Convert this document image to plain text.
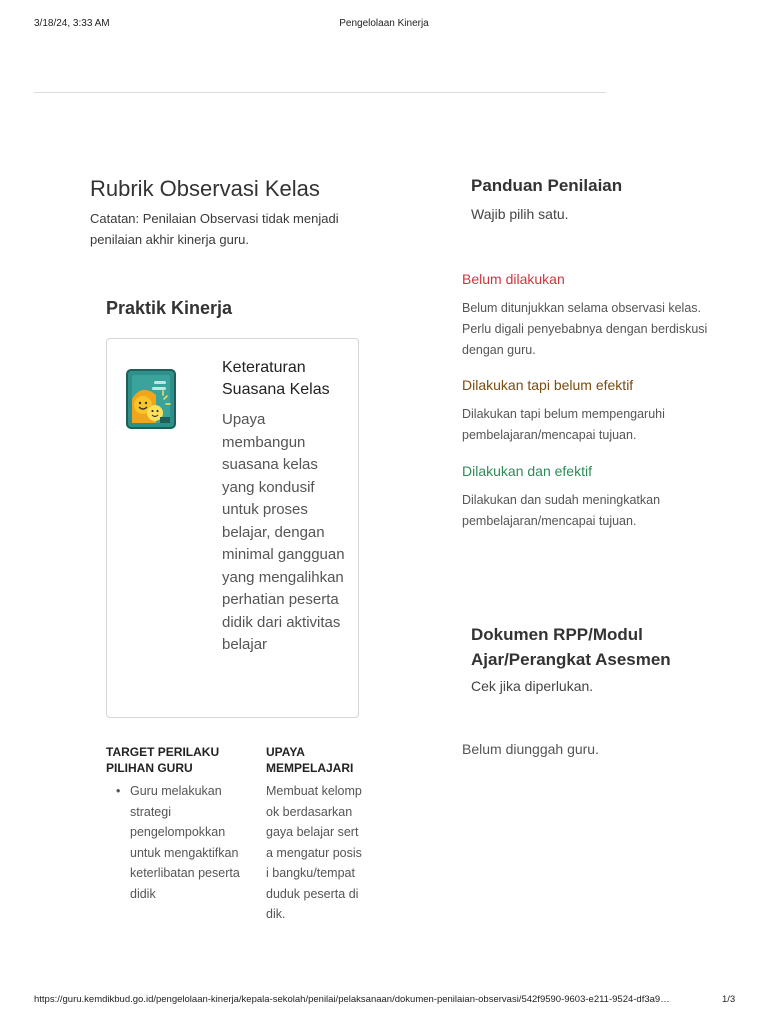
3/18/24, 3:33 AM	Pengelolaan Kinerja
Rubrik Observasi Kelas

Catatan: Penilaian Observasi tidak menjadi penilaian akhir kinerja guru.

Praktik Kinerja
Keteraturan Suasana Kelas
Upaya membangun suasana kelas yang kondusif untuk proses belajar, dengan minimal gangguan yang mengalihkan perhatian peserta didik dari aktivitas belajar
TARGET PERILAKU PILIHAN GURU
UPAYA MEMPELAJARI
• Guru melakukan strategi pengelompokkan untuk mengaktifkan keterlibatan peserta didik
Membuat kelompok berdasarkan gaya belajar serta mengatur posisi bangku/tempat duduk peserta didik.
Panduan Penilaian

Wajib pilih satu.

Belum dilakukan
Belum ditunjukkan selama observasi kelas. Perlu digali penyebabnya dengan berdiskusi dengan guru.
Dilakukan tapi belum efektif
Dilakukan tapi belum mempengaruhi pembelajaran/mencapai tujuan.
Dilakukan dan efektif
Dilakukan dan sudah meningkatkan pembelajaran/mencapai tujuan.
Dokumen RPP/Modul Ajar/Perangkat Asesmen

Cek jika diperlukan.

Belum diunggah guru.

https://guru.kemdikbud.go.id/pengelolaan-kinerja/kepala-sekolah/penilai/pelaksanaan/dokumen-penilaian-observasi/542f9590-9603-e211-9524-df3a9…	1/3
